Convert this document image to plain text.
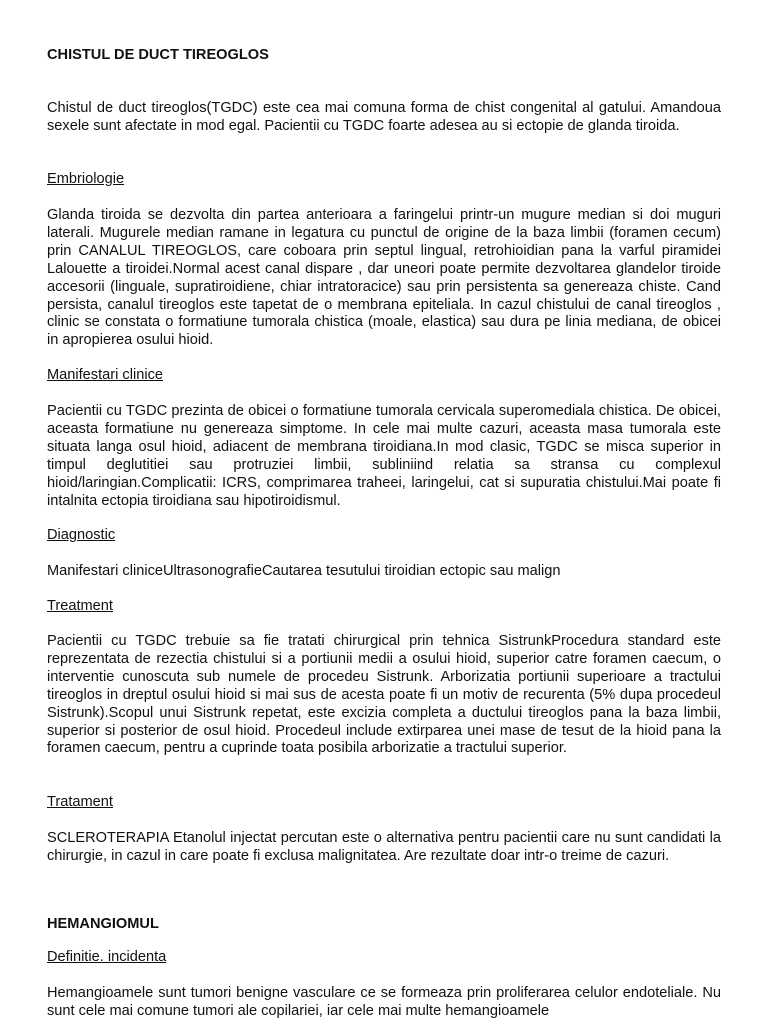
CHISTUL DE DUCT TIREOGLOS

Chistul de duct tireoglos(TGDC) este cea mai comuna forma de chist congenital al gatului. Amandoua sexele sunt afectate in mod egal. Pacientii cu TGDC foarte adesea au si ectopie de glanda tiroida.

Embriologie

Glanda tiroida se dezvolta din partea anterioara a faringelui printr-un mugure median si doi muguri laterali. Mugurele median ramane in legatura cu punctul de origine de la baza limbii (foramen cecum) prin CANALUL TIREOGLOS, care coboara prin septul lingual, retrohioidian pana la varful piramidei Lalouette a tiroidei.Normal acest canal dispare , dar uneori poate permite dezvoltarea glandelor tiroide accesorii (linguale, supratiroidiene, chiar intratoracice) sau prin persistenta sa genereaza chiste. Cand persista, canalul tireoglos este tapetat de o membrana epiteliala. In cazul chistului de canal tireoglos , clinic se constata o formatiune tumorala chistica (moale, elastica) sau dura pe linia mediana, de obicei in apropierea osului hioid.

Manifestari clinice

Pacientii cu TGDC prezinta de obicei o formatiune tumorala cervicala superomediala chistica. De obicei, aceasta formatiune nu genereaza simptome. In cele mai multe cazuri, aceasta masa tumorala este situata langa osul hioid, adiacent de membrana tiroidiana.In mod clasic, TGDC se misca superior in timpul deglutitiei sau protruziei limbii, subliniind relatia sa stransa cu complexul hioid/laringian.Complicatii: ICRS, comprimarea traheei, laringelui, cat si supuratia chistului.Mai poate fi intalnita ectopia tiroidiana sau hipotiroidismul.

Diagnostic

Manifestari cliniceUltrasonografieCautarea tesutului tiroidian ectopic sau malign

Treatment

Pacientii cu TGDC trebuie sa fie tratati chirurgical prin tehnica SistrunkProcedura standard este reprezentata de rezectia chistului si a portiunii medii a osului hioid, superior catre foramen caecum, o interventie cunoscuta sub numele de procedeu Sistrunk. Arborizatia portiunii superioare a tractului tireoglos in dreptul osului hioid si mai sus de acesta poate fi un motiv de recurenta (5% dupa procedeul Sistrunk).Scopul unui Sistrunk repetat, este excizia completa a ductului tireoglos pana la baza limbii, superior si posterior de osul hioid. Procedeul include extirparea unei mase de tesut de la hioid pana la foramen caecum, pentru a cuprinde toata posibila arborizatie a tractului superior.

Tratament

SCLEROTERAPIA Etanolul injectat percutan este o alternativa pentru pacientii care nu sunt candidati la chirurgie, in cazul in care poate fi exclusa malignitatea. Are rezultate doar intr-o treime de cazuri.

HEMANGIOMUL

Definitie. incidenta

Hemangioamele sunt tumori benigne vasculare ce se formeaza prin proliferarea celulor endoteliale. Nu sunt cele mai comune tumori ale copilariei, iar cele mai multe hemangioamele
